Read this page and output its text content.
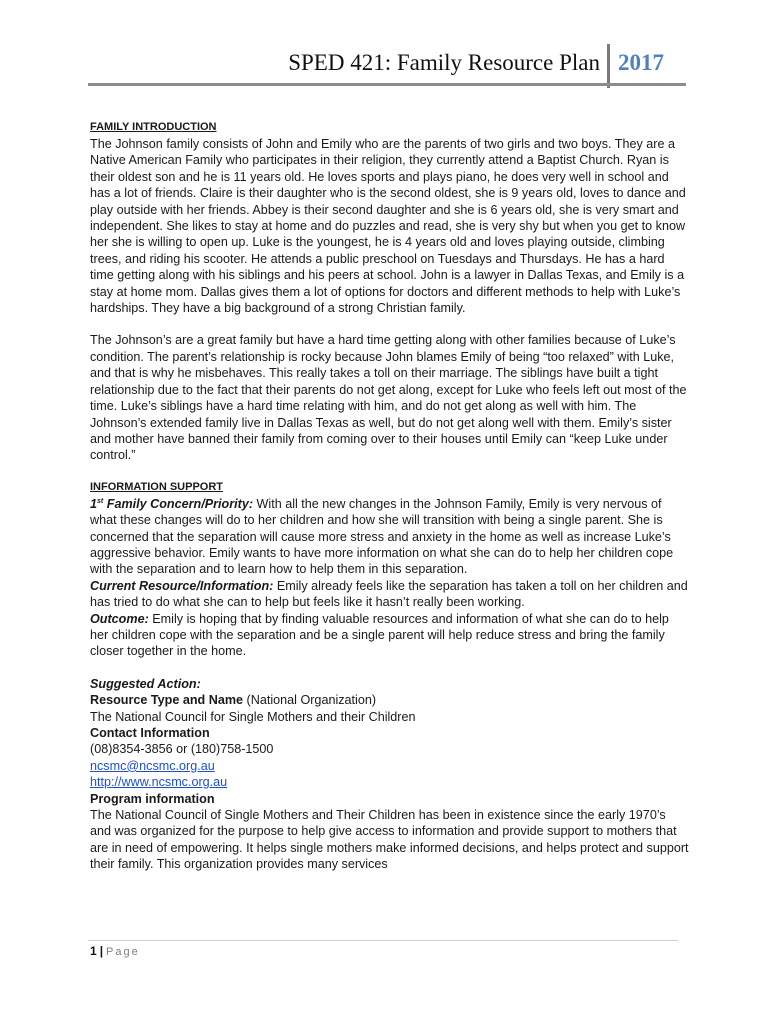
SPED 421: Family Resource Plan 2017
FAMILY INTRODUCTION

The Johnson family consists of John and Emily who are the parents of two girls and two boys. They are a Native American Family who participates in their religion, they currently attend a Baptist Church. Ryan is their oldest son and he is 11 years old. He loves sports and plays piano, he does very well in school and has a lot of friends. Claire is their daughter who is the second oldest, she is 9 years old, loves to dance and play outside with her friends. Abbey is their second daughter and she is 6 years old, she is very smart and independent. She likes to stay at home and do puzzles and read, she is very shy but when you get to know her she is willing to open up. Luke is the youngest, he is 4 years old and loves playing outside, climbing trees, and riding his scooter. He attends a public preschool on Tuesdays and Thursdays. He has a hard time getting along with his siblings and his peers at school. John is a lawyer in Dallas Texas, and Emily is a stay at home mom. Dallas gives them a lot of options for doctors and different methods to help with Luke’s hardships. They have a big background of a strong Christian family.

The Johnson’s are a great family but have a hard time getting along with other families because of Luke’s condition. The parent’s relationship is rocky because John blames Emily of being “too relaxed” with Luke, and that is why he misbehaves. This really takes a toll on their marriage. The siblings have built a tight relationship due to the fact that their parents do not get along, except for Luke who feels left out most of the time. Luke’s siblings have a hard time relating with him, and do not get along as well with him. The Johnson’s extended family live in Dallas Texas as well, but do not get along well with them. Emily’s sister and mother have banned their family from coming over to their houses until Emily can “keep Luke under control.”

INFORMATION SUPPORT

1st Family Concern/Priority: With all the new changes in the Johnson Family, Emily is very nervous of what these changes will do to her children and how she will transition with being a single parent. She is concerned that the separation will cause more stress and anxiety in the home as well as increase Luke’s aggressive behavior. Emily wants to have more information on what she can do to help her children cope with the separation and to learn how to help them in this separation.

Current Resource/Information: Emily already feels like the separation has taken a toll on her children and has tried to do what she can to help but feels like it hasn’t really been working.

Outcome: Emily is hoping that by finding valuable resources and information of what she can do to help her children cope with the separation and be a single parent will help reduce stress and bring the family closer together in the home.

Suggested Action:

Resource Type and Name (National Organization)

The National Council for Single Mothers and their Children

Contact Information

(08)8354-3856 or (180)758-1500

ncsmc@ncsmc.org.au

http://www.ncsmc.org.au

Program information

The National Council of Single Mothers and Their Children has been in existence since the early 1970’s and was organized for the purpose to help give access to information and provide support to mothers that are in need of empowering. It helps single mothers make informed decisions, and helps protect and support their family. This organization provides many services

1 | Page
